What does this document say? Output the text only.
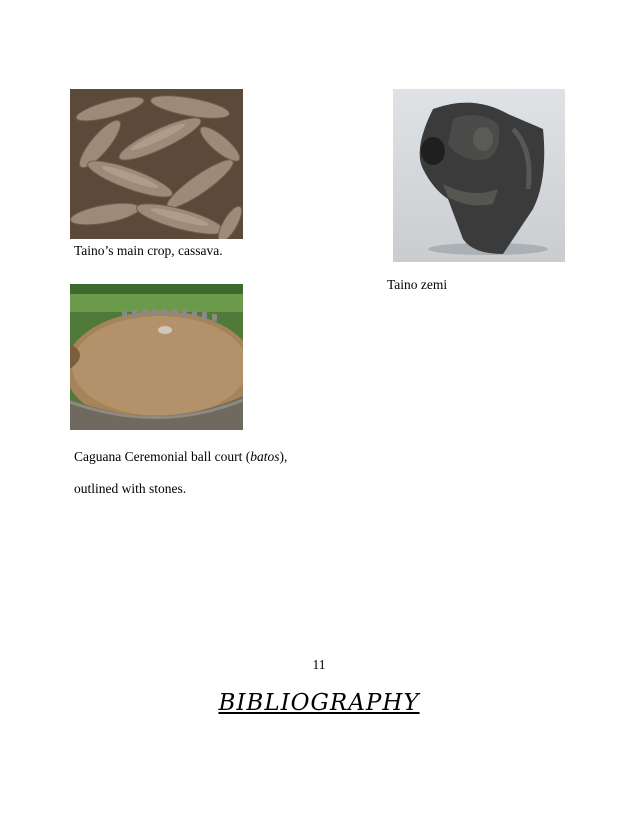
Taino’s main crop, cassava.
Taino zemi
Caguana Ceremonial ball court (batos),
outlined with stones.
11
BIBLIOGRAPHY
